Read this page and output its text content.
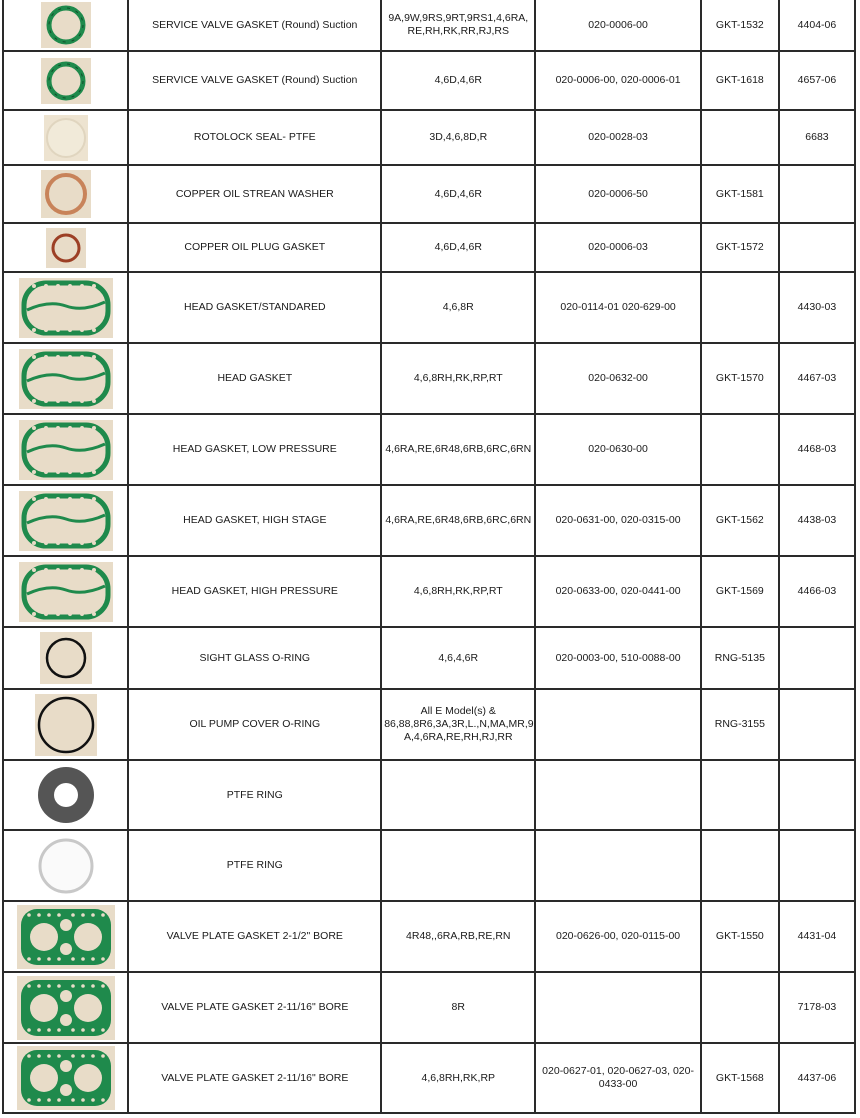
	SERVICE VALVE GASKET (Round) Suction	9A,9W,9RS,9RT,9RS1,4,6RA, RE,RH,RK,RR,RJ,RS	020-0006-00	GKT-1532	4404-06

	SERVICE VALVE GASKET (Round) Suction	4,6D,4,6R	020-0006-00, 020-0006-01	GKT-1618	4657-06

	ROTOLOCK SEAL- PTFE	3D,4,6,8D,R	020-0028-03		6683

	COPPER OIL STREAN WASHER	4,6D,4,6R	020-0006-50	GKT-1581	

	COPPER OIL PLUG GASKET	4,6D,4,6R	020-0006-03	GKT-1572	

	HEAD GASKET/STANDARED	4,6,8R	020-0114-01 020-629-00		4430-03

	HEAD GASKET	4,6,8RH,RK,RP,RT	020-0632-00	GKT-1570	4467-03

	HEAD GASKET, LOW PRESSURE	4,6RA,RE,6R48,6RB,6RC,6RN	020-0630-00		4468-03

	HEAD GASKET, HIGH STAGE	4,6RA,RE,6R48,6RB,6RC,6RN	020-0631-00, 020-0315-00	GKT-1562	4438-03

	HEAD GASKET, HIGH PRESSURE	4,6,8RH,RK,RP,RT	020-0633-00, 020-0441-00	GKT-1569	4466-03

	SIGHT GLASS O-RING	4,6,4,6R	020-0003-00, 510-0088-00	RNG-5135	

	OIL PUMP COVER O-RING	All E Model(s) & 86,88,8R6,3A,3R,L.,N,MA,MR,9 A,4,6RA,RE,RH,RJ,RR		RNG-3155	

	PTFE RING				

	PTFE RING				

	VALVE PLATE GASKET 2-1/2" BORE	4R48,,6RA,RB,RE,RN	020-0626-00, 020-0115-00	GKT-1550	4431-04

	VALVE PLATE GASKET 2-11/16" BORE	8R			7178-03

	VALVE PLATE GASKET 2-11/16" BORE	4,6,8RH,RK,RP	020-0627-01, 020-0627-03, 020-0433-00	GKT-1568	4437-06
